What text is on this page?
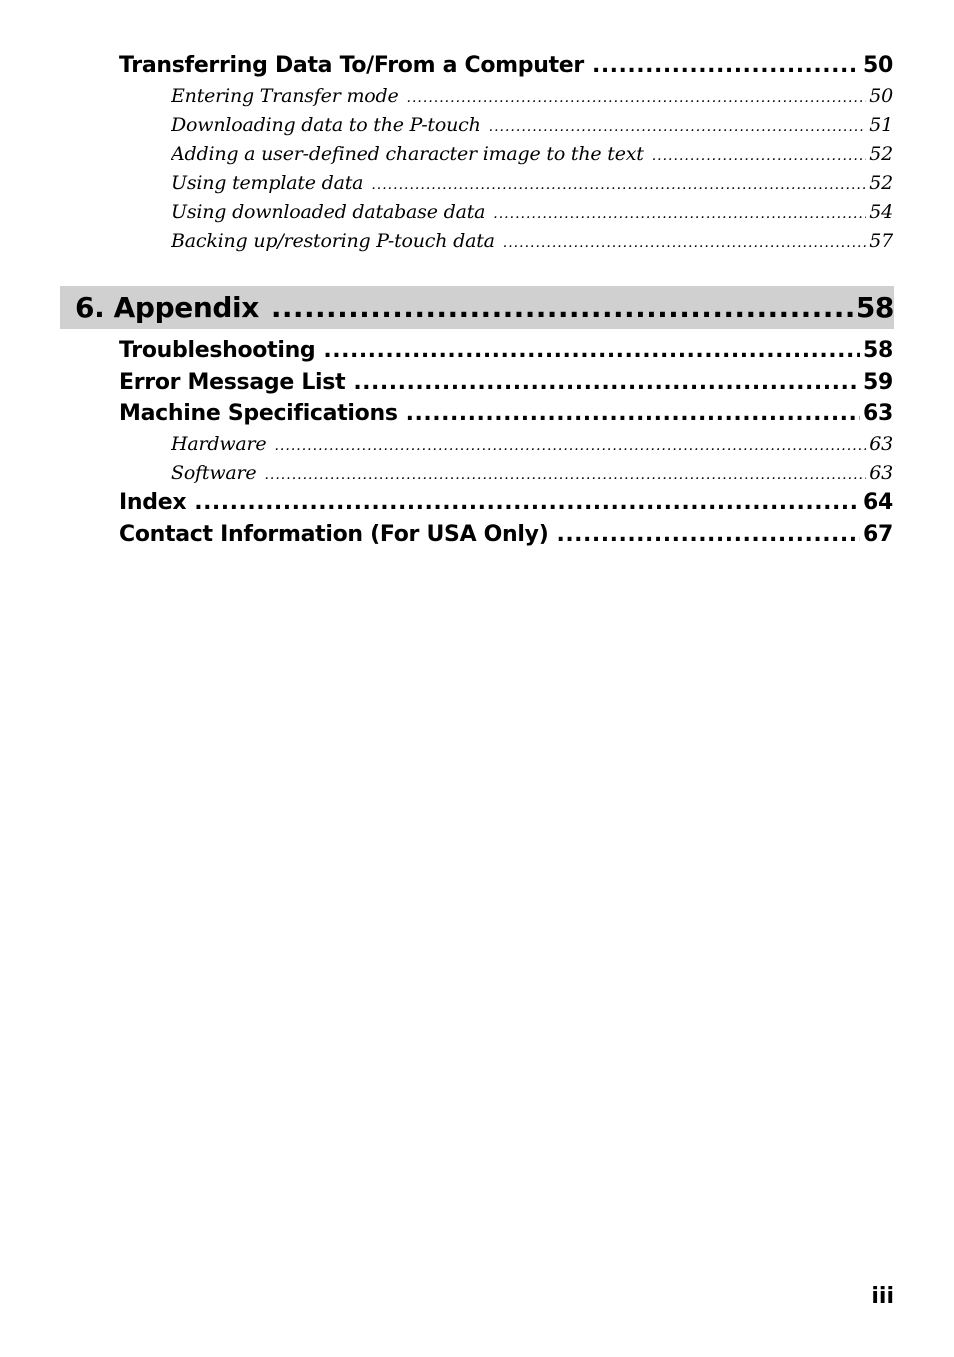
Transferring Data To/From a Computer .....	50
Entering Transfer mode .....	50
Downloading data to the P-touch .....	51
Adding a user-defined character image to the text .....	52
Using template data .....	52
Using downloaded database data .....	54
Backing up/restoring P-touch data .....	57
6. Appendix .....	58
Troubleshooting .....	58
Error Message List .....	59
Machine Specifications .....	63
Hardware .....	63
Software .....	63
Index .....	64
Contact Information (For USA Only) .....	67
iii
